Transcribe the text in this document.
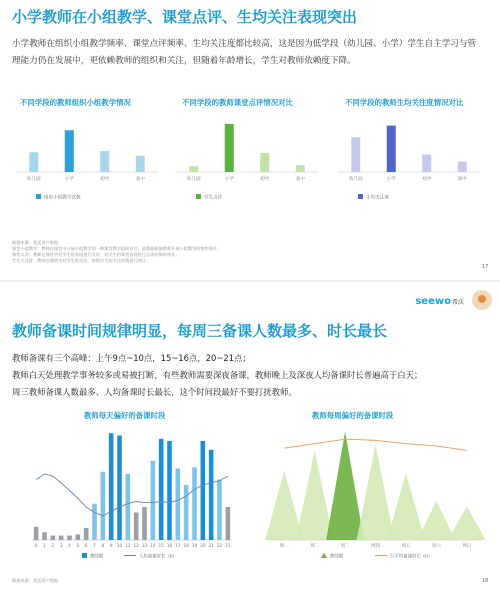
小学教师在小组教学、课堂点评、生均关注表现突出
小学教师在组织小组教学频率、课堂点评频率、生均关注度都比较高，这是因为低学段（幼儿园、小学）学生自主学习与管理能力仍在发展中，更依赖教师的组织和关注，但随着年龄增长，学生对教师依赖度下降。
不同学段的教师组织小组教学情况	不同学段的教师课堂点评情况对比	不同学段的教师生均关注度情况对比
幼儿园	小学	初中	高中
组织小组教学次数
幼儿园	小学	初中	高中
学生点评
幼儿园	小学	初中	高中
生均关注度
数据来源：希沃用户数据
课堂小组教学：教师在课堂中开展小组教学的一种课堂教学组织形式，此数据根据教师开展小组教学的频率统计。
课堂点评：教师在课堂中对学生的表现进行点评，对学生的课堂表现进行点评的频率统计。
生均关注度：教师在课堂中对学生的关注，按照学生的关注次数进行统计。
17
seewo希沃
教师备课时间规律明显，每周三备课人数最多、时长最长
教师备课有三个高峰：上午9点~10点，15~16点，20~21点；
教师白天处理教学事务较多或易被打断，有些教师需要深夜备课，教师晚上及深夜人均备课时长普遍高于白天；
周三教师备课人数最多、人均备课时长最长，这个时间段最好不要打扰教师。
教师每天偏好的备课时段	教师每周偏好的备课时段
0 1 2 3 4 5 6 7 8 9 10 11 12 13 14 15 16 17 18 19 20 21 22 23
教师数	人均备课时长（h）
周一	周二	周三	周四	周五	周六	周日
教师数	日平均备课时长（h）
数据来源：希沃用户数据	18
